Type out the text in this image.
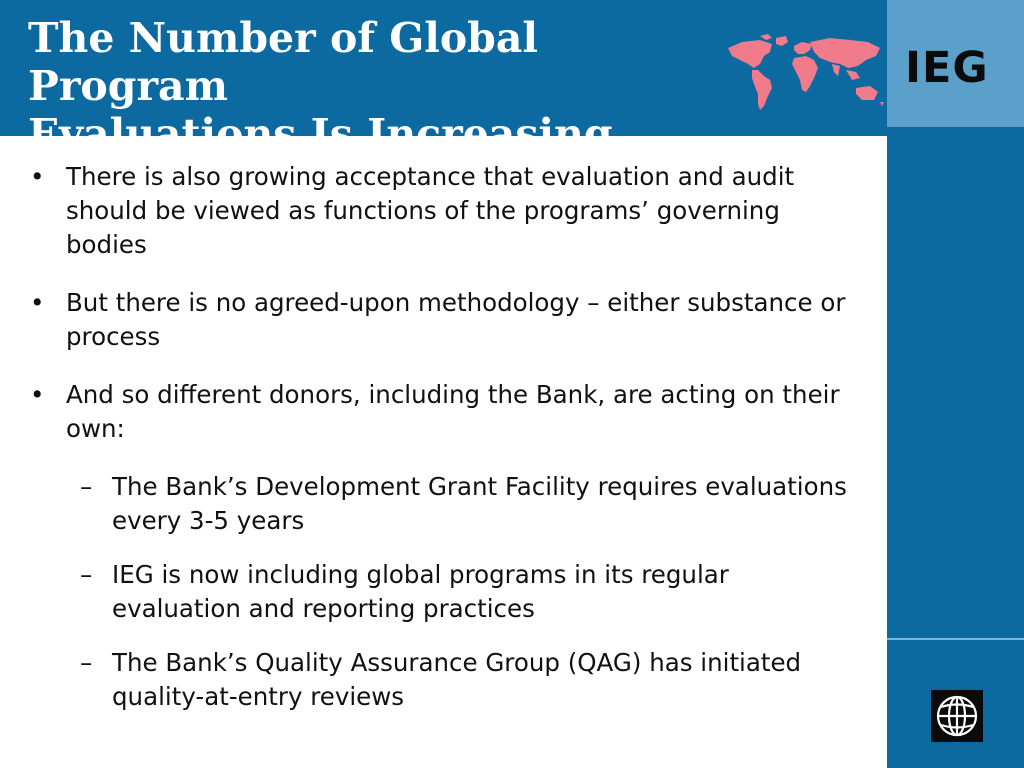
The Number of Global Program
Evaluations Is Increasing
IEG
• There is also growing acceptance that evaluation and audit should be viewed as functions of the programs’ governing bodies
• But there is no agreed-upon methodology – either substance or process
• And so different donors, including the Bank, are acting on their own:
– The Bank’s Development Grant Facility requires evaluations every 3-5 years
– IEG is now including global programs in its regular evaluation and reporting practices
– The Bank’s Quality Assurance Group (QAG) has initiated quality-at-entry reviews
